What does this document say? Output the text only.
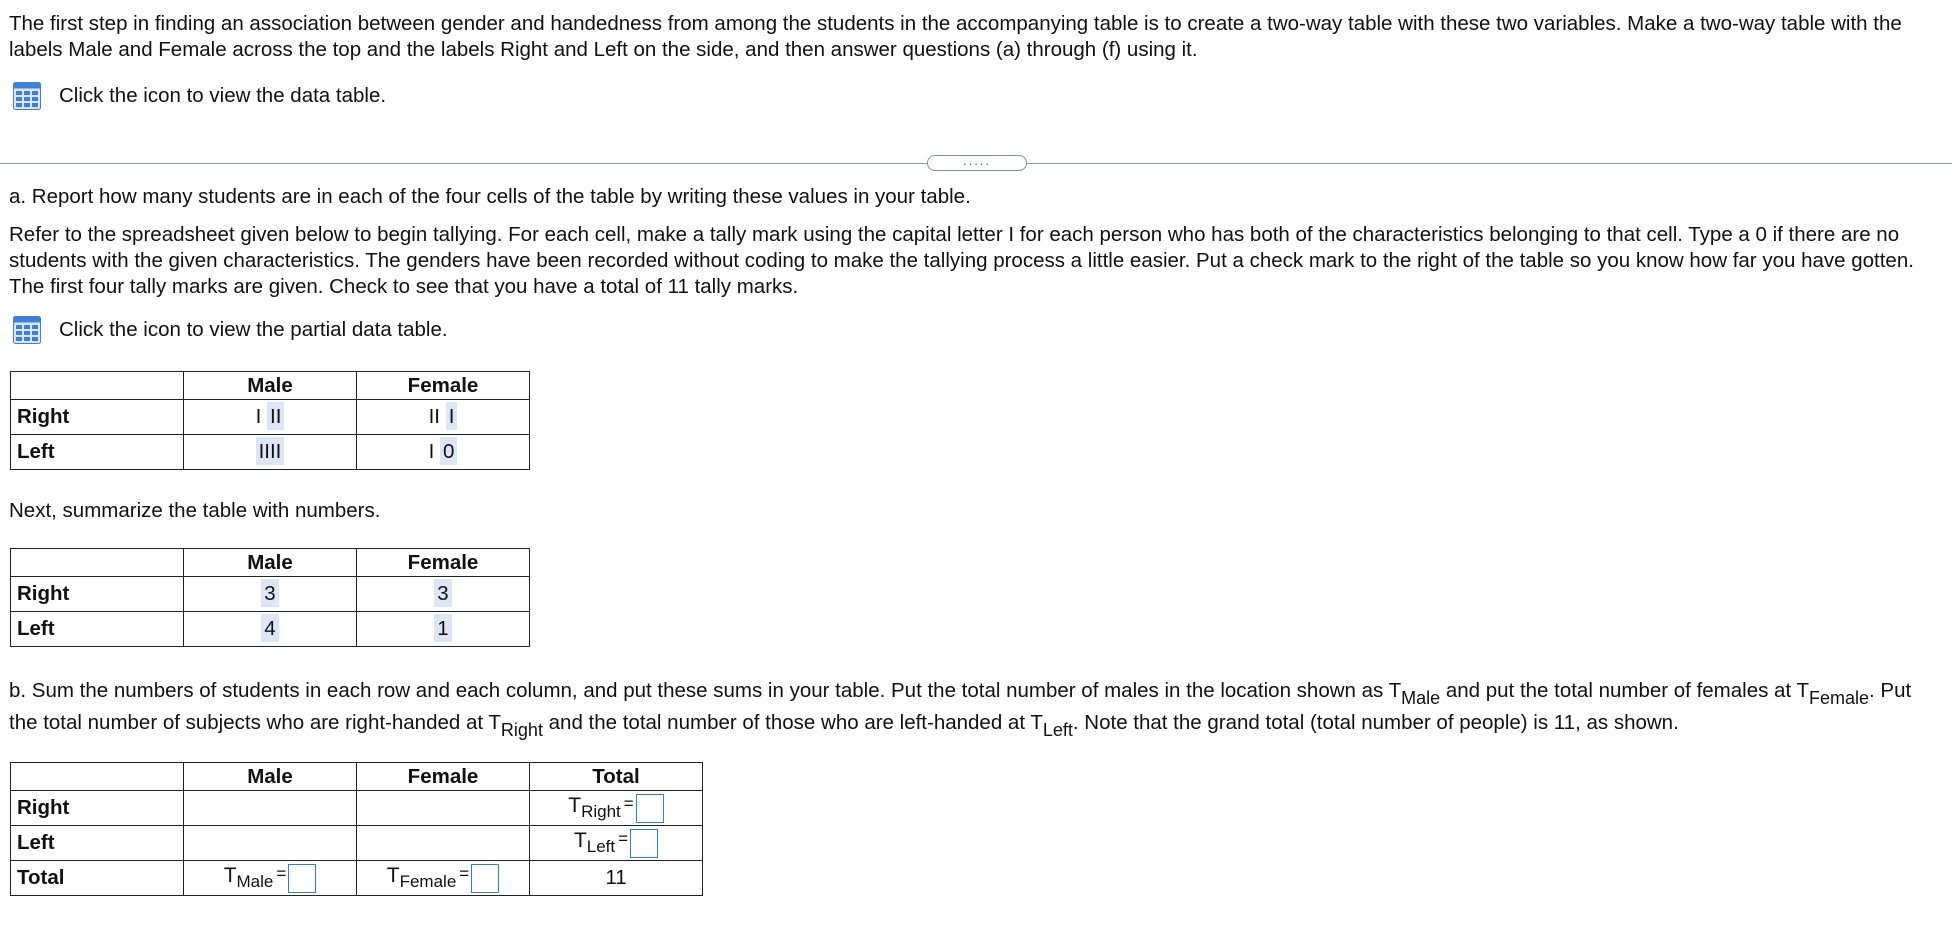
The first step in finding an association between gender and handedness from among the students in the accompanying table is to create a two-way table with these two variables. Make a two-way table with the labels Male and Female across the top and the labels Right and Left on the side, and then answer questions (a) through (f) using it.

Click the icon to view the data table.
.....

a. Report how many students are in each of the four cells of the table by writing these values in your table.

Refer to the spreadsheet given below to begin tallying. For each cell, make a tally mark using the capital letter I for each person who has both of the characteristics belonging to that cell. Type a 0 if there are no students with the given characteristics. The genders have been recorded without coding to make the tallying process a little easier. Put a check mark to the right of the table so you know how far you have gotten. The first four tally marks are given. Check to see that you have a total of 11 tally marks.

Click the icon to view the partial data table.
	Male	Female
Right	I II	II I
Left	IIII	I 0

Next, summarize the table with numbers.

	Male	Female
Right	3	3
Left	4	1

b. Sum the numbers of students in each row and each column, and put these sums in your table. Put the total number of males in the location shown as TMale and put the total number of females at TFemale. Put the total number of subjects who are right-handed at TRight and the total number of those who are left-handed at TLeft. Note that the grand total (total number of people) is 11, as shown.

	Male	Female	Total
Right			$T_{Right}$ =
Left			$T_{Left}$ =
Total	$T_{Male}$ =	$T_{Female}$ =	11
